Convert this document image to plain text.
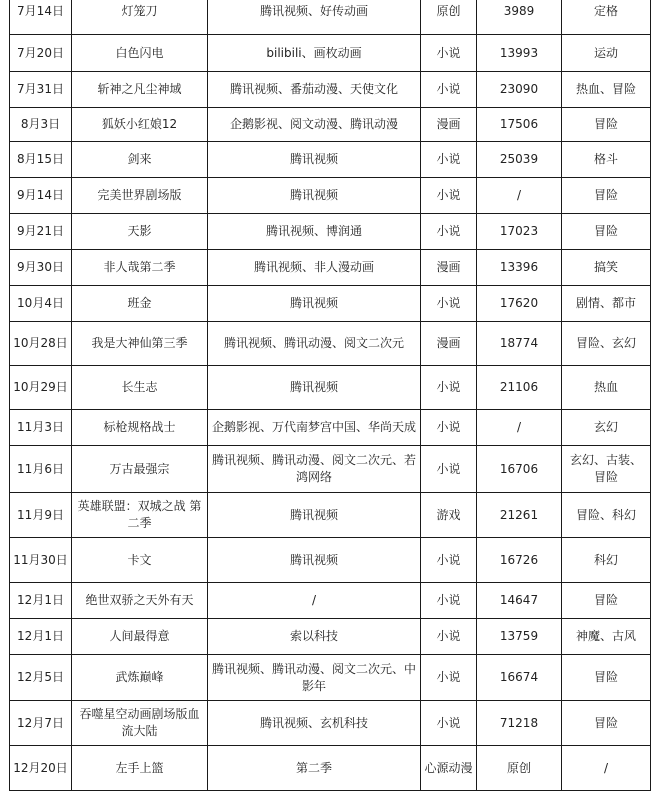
7月14日	灯笼刀	腾讯视频、好传动画	原创	3989	定格
7月20日	白色闪电	bilibili、画枚动画	小说	13993	运动
7月31日	斩神之凡尘神域	腾讯视频、番茄动漫、天使文化	小说	23090	热血、冒险
8月3日	狐妖小红娘12	企鹅影视、阅文动漫、腾讯动漫	漫画	17506	冒险
8月15日	剑来	腾讯视频	小说	25039	格斗
9月14日	完美世界剧场版	腾讯视频	小说	/	冒险
9月21日	天影	腾讯视频、博润通	小说	17023	冒险
9月30日	非人哉第二季	腾讯视频、非人漫动画	漫画	13396	搞笑
10月4日	班金	腾讯视频	小说	17620	剧情、都市
10月28日	我是大神仙第三季	腾讯视频、腾讯动漫、阅文二次元	漫画	18774	冒险、玄幻
10月29日	长生志	腾讯视频	小说	21106	热血
11月3日	标枪规格战士	企鹅影视、万代南梦宫中国、华尚天成	小说	/	玄幻
11月6日	万古最强宗	腾讯视频、腾讯动漫、阅文二次元、若鸿网络	小说	16706	玄幻、古装、冒险
11月9日	英雄联盟：双城之战 第二季	腾讯视频	游戏	21261	冒险、科幻
11月30日	卡文	腾讯视频	小说	16726	科幻
12月1日	绝世双骄之天外有天	/	小说	14647	冒险
12月1日	人间最得意	索以科技	小说	13759	神魔、古风
12月5日	武炼巅峰	腾讯视频、腾讯动漫、阅文二次元、中影年	小说	16674	冒险
12月7日	吞噬星空动画剧场版血流大陆	腾讯视频、玄机科技	小说	71218	冒险
12月20日	左手上篮	第二季	心源动漫	原创	/
